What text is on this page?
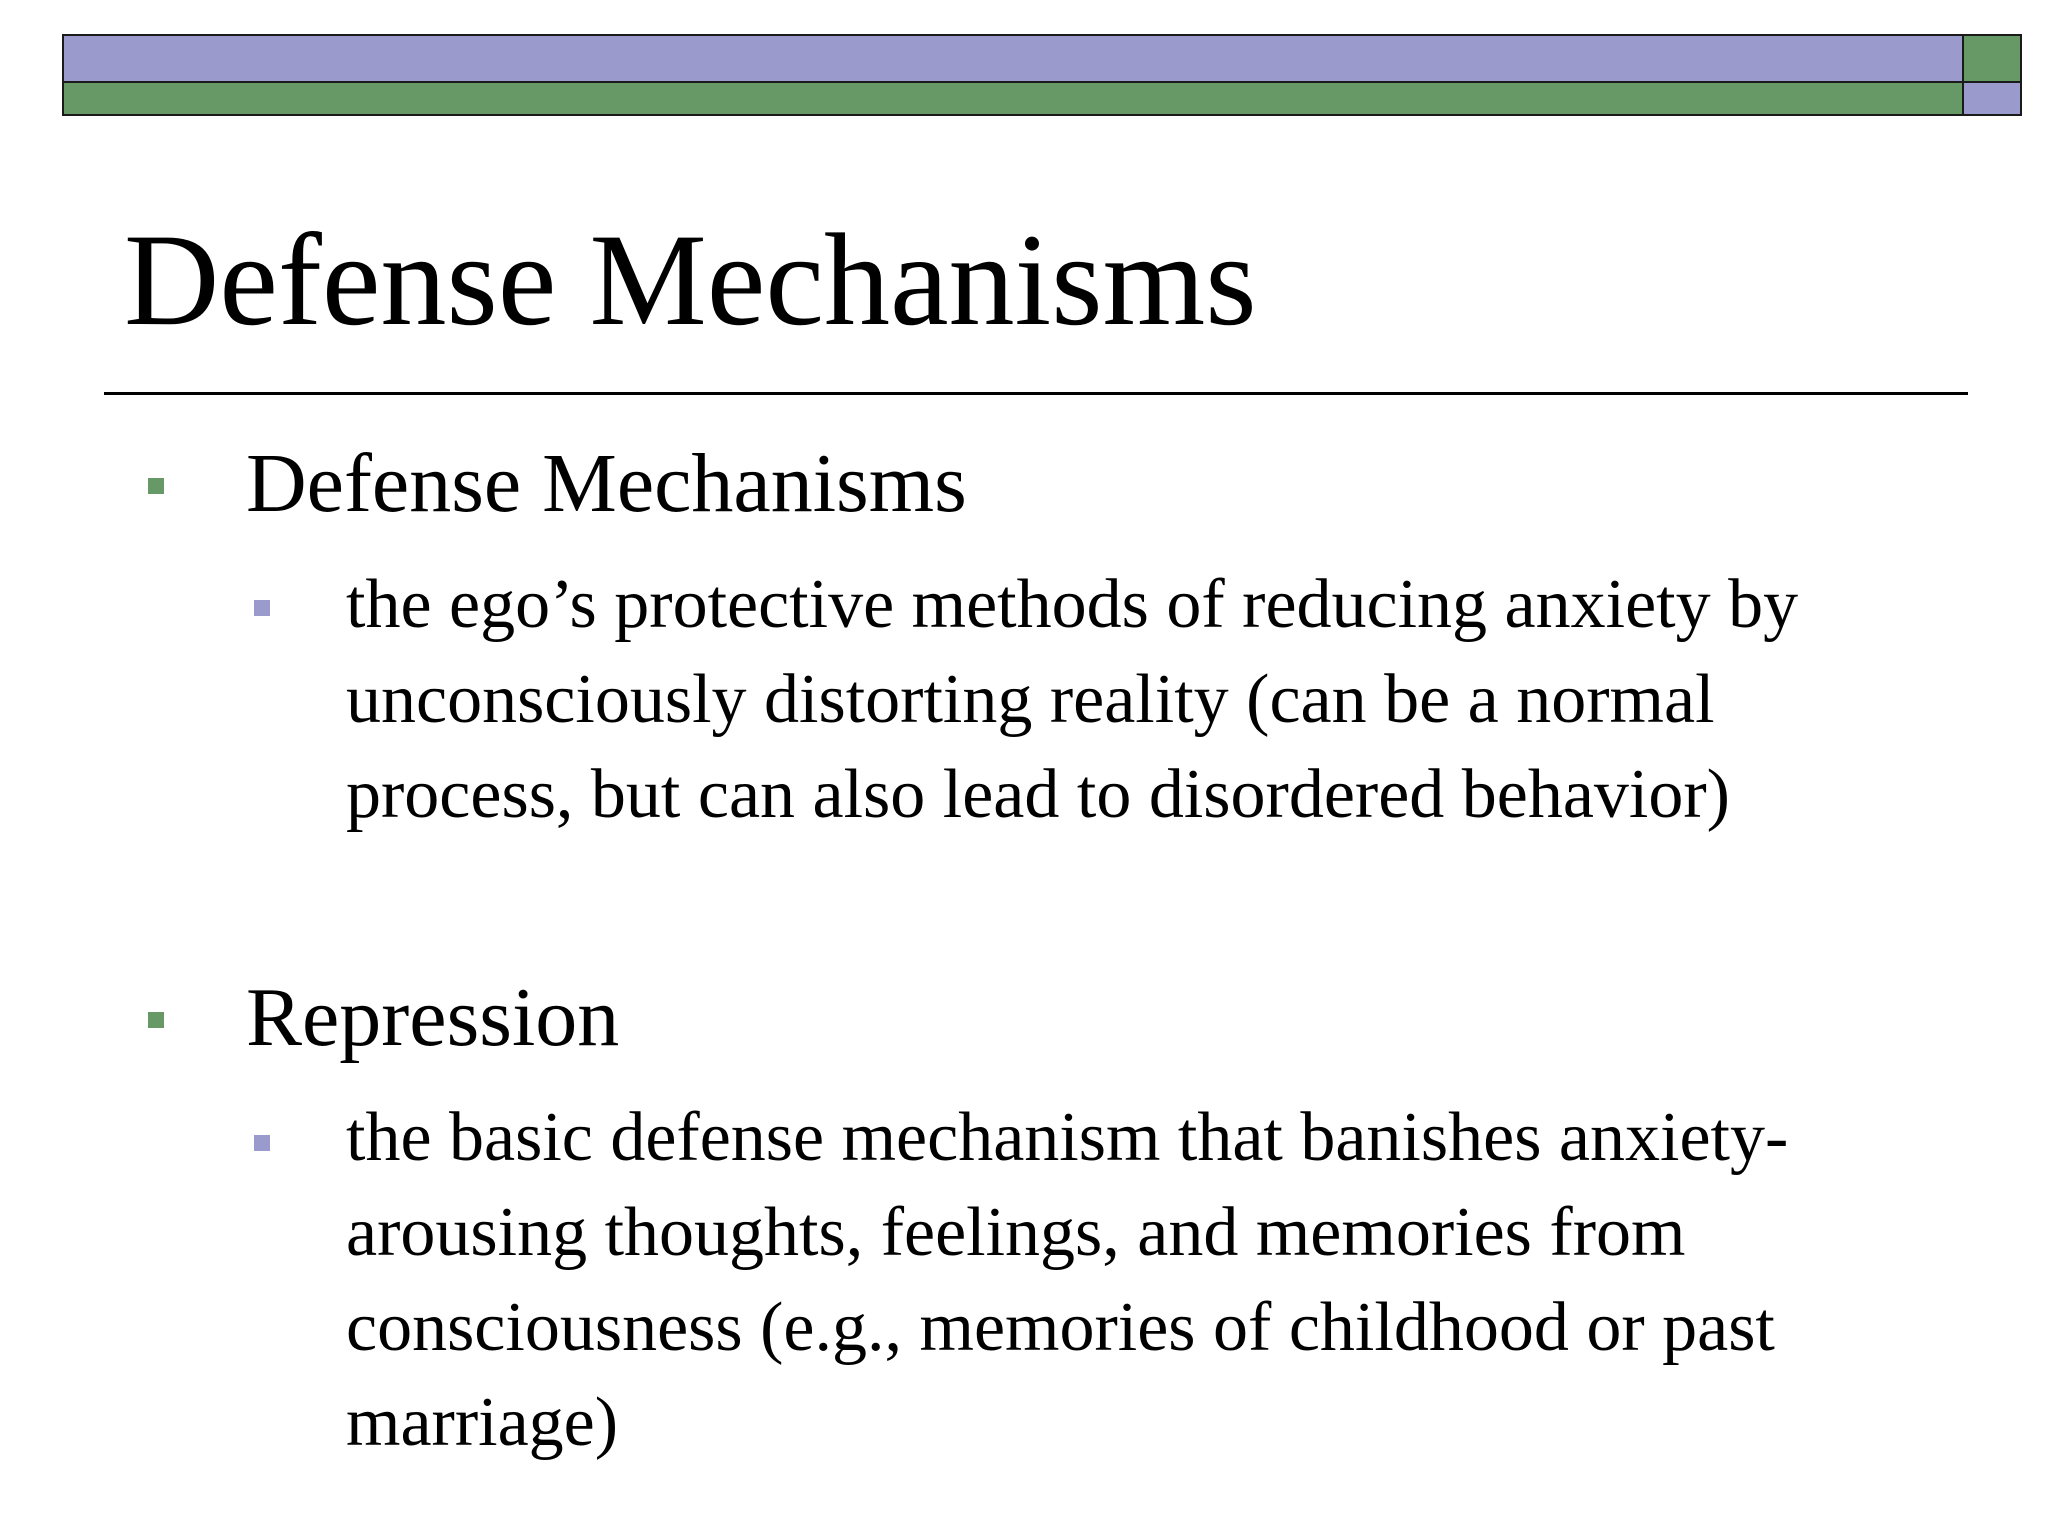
Defense Mechanisms
Defense Mechanisms

the ego’s protective methods of reducing anxiety by unconsciously distorting reality (can be a normal process, but can also lead to disordered behavior)

Repression

the basic defense mechanism that banishes anxiety-arousing thoughts, feelings, and memories from consciousness (e.g., memories of childhood or past marriage)
